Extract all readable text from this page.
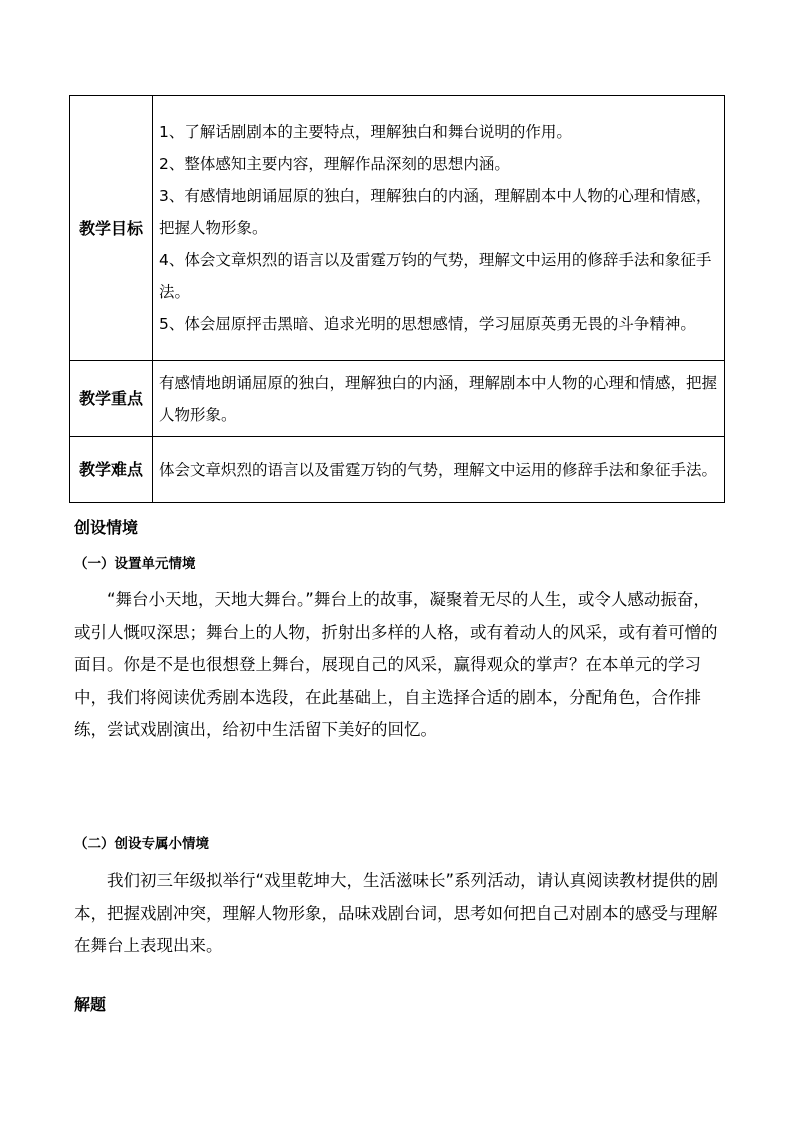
教学目标	1、了解话剧剧本的主要特点，理解独白和舞台说明的作用。

2、整体感知主要内容，理解作品深刻的思想内涵。

3、有感情地朗诵屈原的独白，理解独白的内涵，理解剧本中人物的心理和情感，把握人物形象。

4、体会文章炽烈的语言以及雷霆万钧的气势，理解文中运用的修辞手法和象征手法。

5、体会屈原抨击黑暗、追求光明的思想感情，学习屈原英勇无畏的斗争精神。

教学重点	有感情地朗诵屈原的独白，理解独白的内涵，理解剧本中人物的心理和情感，把握人物形象。

教学难点	体会文章炽烈的语言以及雷霆万钧的气势，理解文中运用的修辞手法和象征手法。

创设情境
（一）设置单元情境

“舞台小天地，天地大舞台。”舞台上的故事，凝聚着无尽的人生，或令人感动振奋，或引人慨叹深思；舞台上的人物，折射出多样的人格，或有着动人的风采，或有着可憎的面目。你是不是也很想登上舞台，展现自己的风采，赢得观众的掌声？在本单元的学习中，我们将阅读优秀剧本选段，在此基础上，自主选择合适的剧本，分配角色，合作排练，尝试戏剧演出，给初中生活留下美好的回忆。

（二）创设专属小情境

我们初三年级拟举行“戏里乾坤大，生活滋味长”系列活动，请认真阅读教材提供的剧本，把握戏剧冲突，理解人物形象，品味戏剧台词，思考如何把自己对剧本的感受与理解在舞台上表现出来。

解题
